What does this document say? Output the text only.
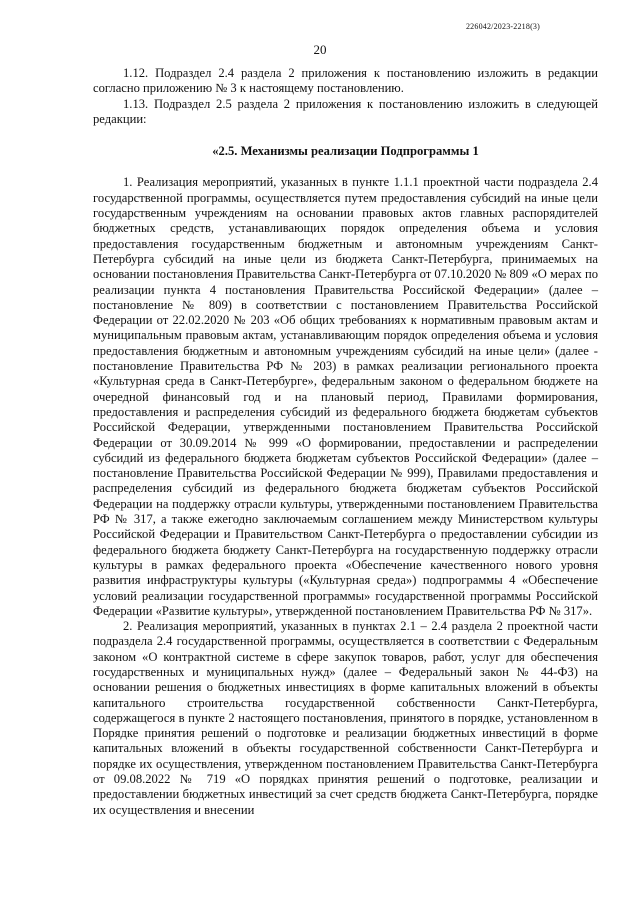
226042/2023-2218(3)
20

1.12. Подраздел 2.4 раздела 2 приложения к постановлению изложить в редакции согласно приложению № 3 к настоящему постановлению.

1.13. Подраздел 2.5 раздела 2 приложения к постановлению изложить в следующей редакции:

«2.5. Механизмы реализации Подпрограммы 1

1. Реализация мероприятий, указанных в пункте 1.1.1 проектной части подраздела 2.4 государственной программы, осуществляется путем предоставления субсидий на иные цели государственным учреждениям на основании правовых актов главных распорядителей бюджетных средств, устанавливающих порядок определения объема и условия предоставления государственным бюджетным и автономным учреждениям Санкт-Петербурга субсидий на иные цели из бюджета Санкт-Петербурга, принимаемых на основании постановления Правительства Санкт-Петербурга от 07.10.2020 № 809 «О мерах по реализации пункта 4 постановления Правительства Российской Федерации» (далее – постановление № 809) в соответствии с постановлением Правительства Российской Федерации от 22.02.2020 № 203 «Об общих требованиях к нормативным правовым актам и муниципальным правовым актам, устанавливающим порядок определения объема и условия предоставления бюджетным и автономным учреждениям субсидий на иные цели» (далее - постановление Правительства РФ № 203) в рамках реализации регионального проекта «Культурная среда в Санкт-Петербурге», федеральным законом о федеральном бюджете на очередной финансовый год и на плановый период, Правилами формирования, предоставления и распределения субсидий из федерального бюджета бюджетам субъектов Российской Федерации, утвержденными постановлением Правительства Российской Федерации от 30.09.2014 № 999 «О формировании, предоставлении и распределении субсидий из федерального бюджета бюджетам субъектов Российской Федерации» (далее – постановление Правительства Российской Федерации № 999), Правилами предоставления и распределения субсидий из федерального бюджета бюджетам субъектов Российской Федерации на поддержку отрасли культуры, утвержденными постановлением Правительства РФ № 317, а также ежегодно заключаемым соглашением между Министерством культуры Российской Федерации и Правительством Санкт-Петербурга о предоставлении субсидии из федерального бюджета бюджету Санкт-Петербурга на государственную поддержку отрасли культуры в рамках федерального проекта «Обеспечение качественного нового уровня развития инфраструктуры культуры («Культурная среда») подпрограммы 4 «Обеспечение условий реализации государственной программы» государственной программы Российской Федерации «Развитие культуры», утвержденной постановлением Правительства РФ № 317».

2. Реализация мероприятий, указанных в пунктах 2.1 – 2.4 раздела 2 проектной части подраздела 2.4 государственной программы, осуществляется в соответствии с Федеральным законом «О контрактной системе в сфере закупок товаров, работ, услуг для обеспечения государственных и муниципальных нужд» (далее – Федеральный закон № 44-ФЗ) на основании решения о бюджетных инвестициях в форме капитальных вложений в объекты капитального строительства государственной собственности Санкт-Петербурга, содержащегося в пункте 2 настоящего постановления, принятого в порядке, установленном в Порядке принятия решений о подготовке и реализации бюджетных инвестиций в форме капитальных вложений в объекты государственной собственности Санкт-Петербурга и порядке их осуществления, утвержденном постановлением Правительства Санкт-Петербурга от 09.08.2022 № 719 «О порядках принятия решений о подготовке, реализации и предоставлении бюджетных инвестиций за счет средств бюджета Санкт-Петербурга, порядке их осуществления и внесении
